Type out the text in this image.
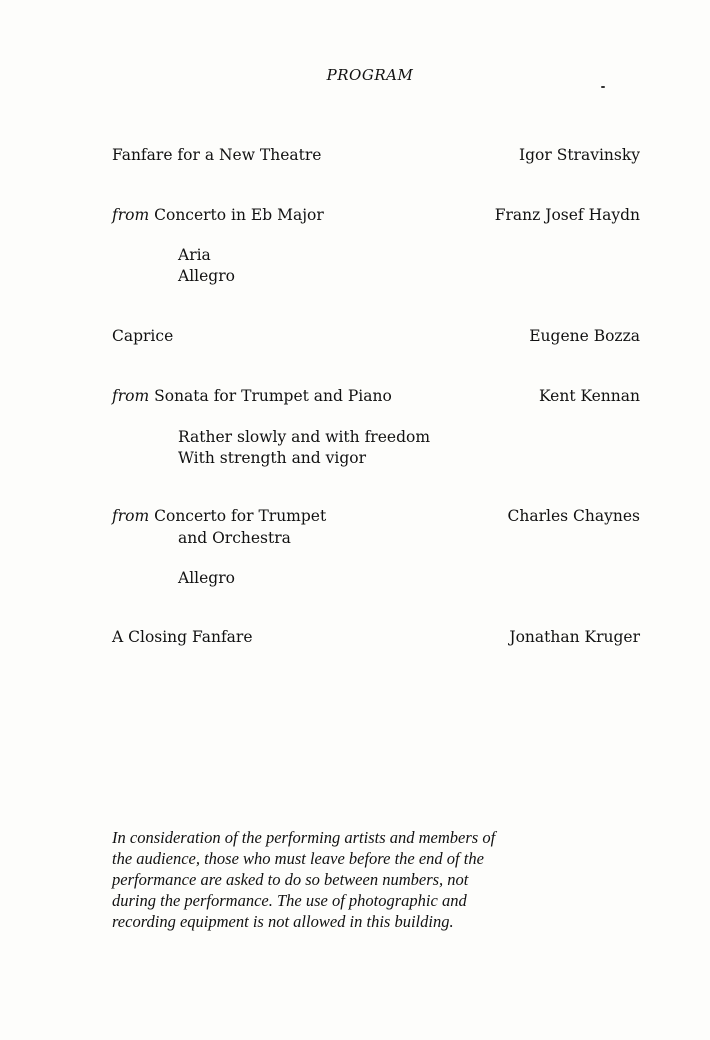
PROGRAM
Fanfare for a New Theatre	Igor Stravinsky
from Concerto in Eb Major	Franz Josef Haydn
Aria
Allegro
Caprice	Eugene Bozza
from Sonata for Trumpet and Piano	Kent Kennan
Rather slowly and with freedom
With strength and vigor
from Concerto for Trumpet	Charles Chaynes
and Orchestra
Allegro
A Closing Fanfare	Jonathan Kruger
In consideration of the performing artists and members of
the audience, those who must leave before the end of the
performance are asked to do so between numbers, not
during the performance. The use of photographic and
recording equipment is not allowed in this building.
